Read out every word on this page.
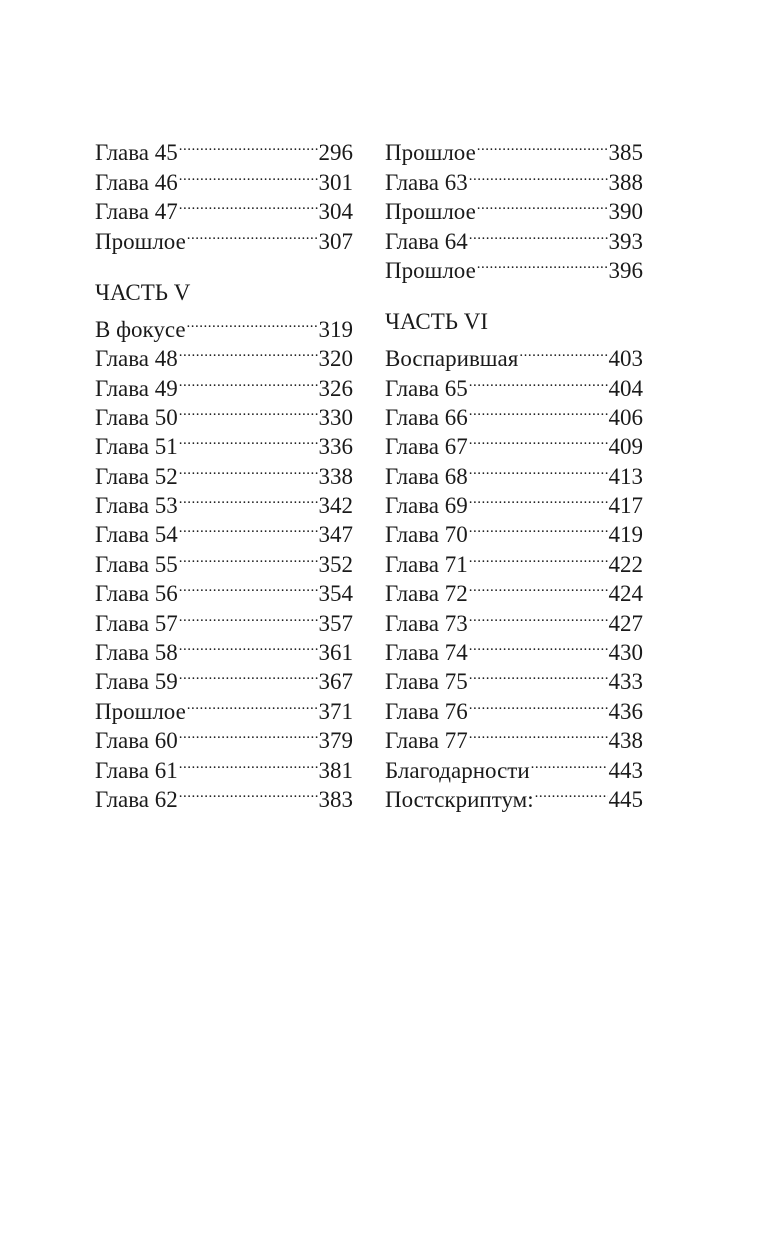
Глава 45 .....	296
Глава 46 .....	301
Глава 47 .....	304
Прошлое .....	307
ЧАСТЬ V
В фокусе .....	319
Глава 48 .....	320
Глава 49 .....	326
Глава 50 .....	330
Глава 51 .....	336
Глава 52 .....	338
Глава 53 .....	342
Глава 54 .....	347
Глава 55 .....	352
Глава 56 .....	354
Глава 57 .....	357
Глава 58 .....	361
Глава 59 .....	367
Прошлое .....	371
Глава 60 .....	379
Глава 61 .....	381
Глава 62 .....	383
Прошлое .....	385
Глава 63 .....	388
Прошлое .....	390
Глава 64 .....	393
Прошлое .....	396
ЧАСТЬ VI
Воспарившая .....	403
Глава 65 .....	404
Глава 66 .....	406
Глава 67 .....	409
Глава 68 .....	413
Глава 69 .....	417
Глава 70 .....	419
Глава 71 .....	422
Глава 72 .....	424
Глава 73 .....	427
Глава 74 .....	430
Глава 75 .....	433
Глава 76 .....	436
Глава 77 .....	438
Благодарности .....	443
Постскриптум: .....	445
